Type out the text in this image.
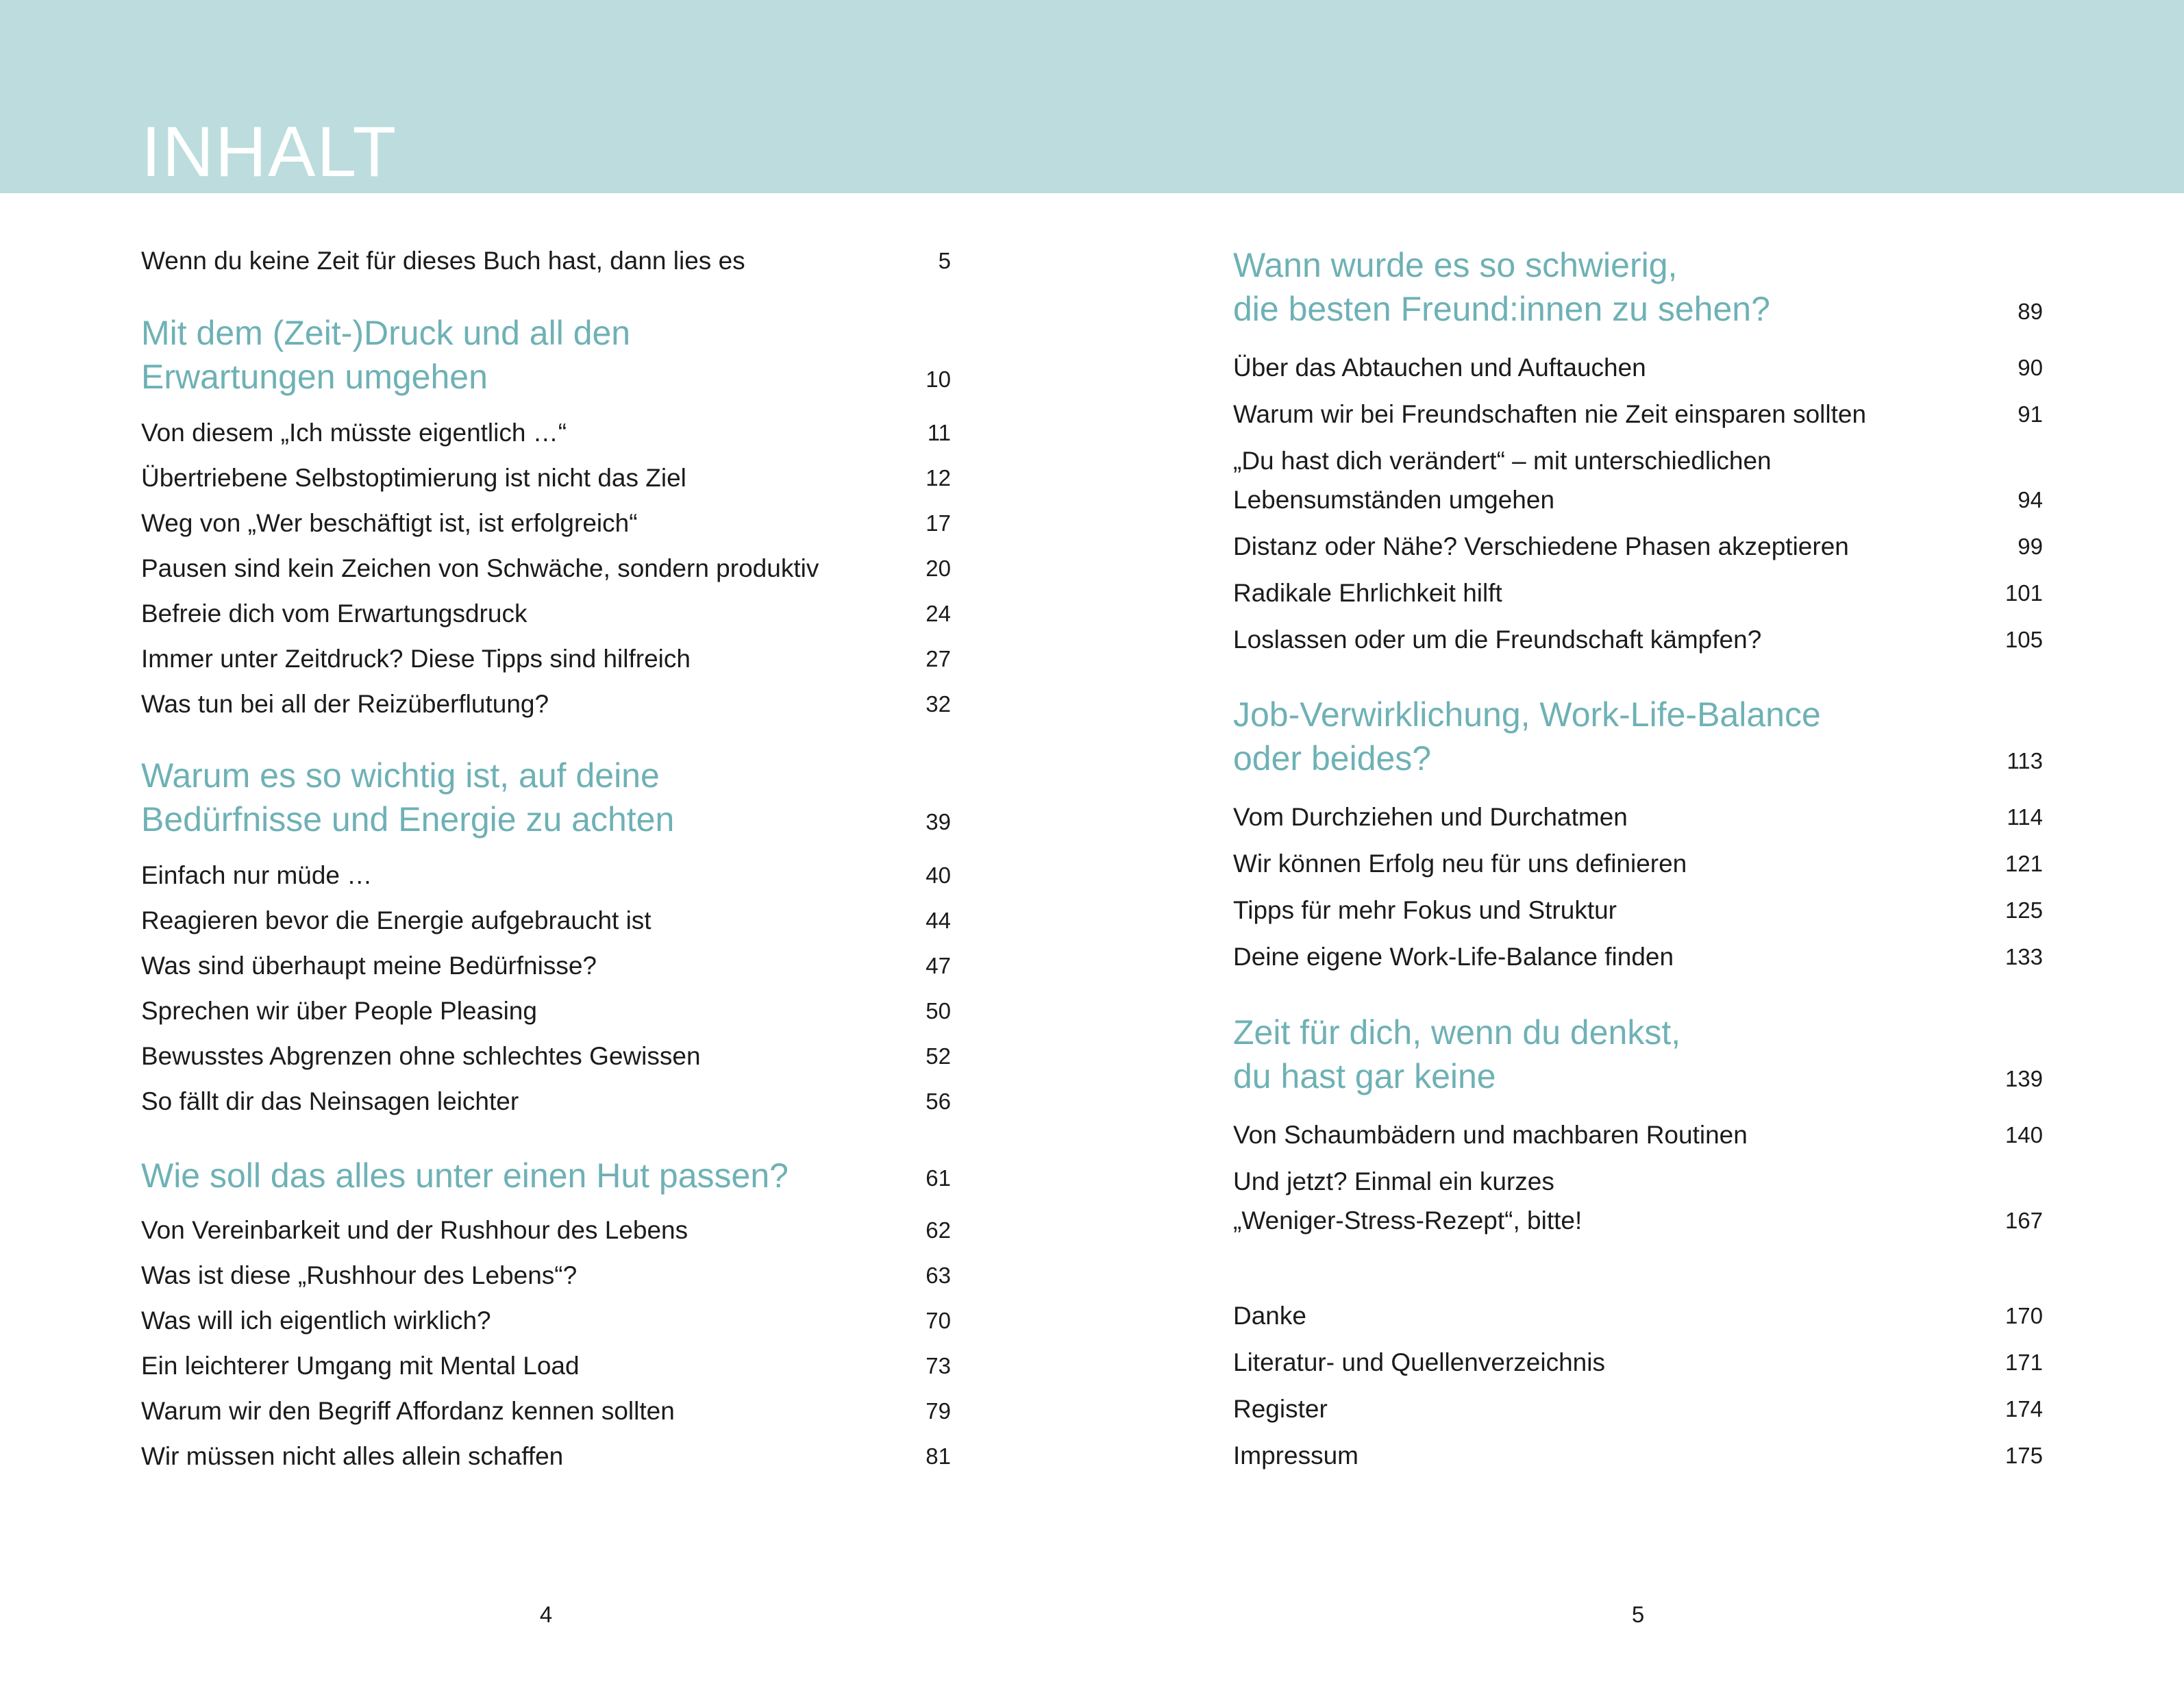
INHALT
Wenn du keine Zeit für dieses Buch hast, dann lies es	5
Mit dem (Zeit-)Druck und all den
Erwartungen umgehen	10
Von diesem „Ich müsste eigentlich …“	11
Übertriebene Selbstoptimierung ist nicht das Ziel	12
Weg von „Wer beschäftigt ist, ist erfolgreich“	17
Pausen sind kein Zeichen von Schwäche, sondern produktiv	20
Befreie dich vom Erwartungsdruck	24
Immer unter Zeitdruck? Diese Tipps sind hilfreich	27
Was tun bei all der Reizüberflutung?	32
Warum es so wichtig ist, auf deine
Bedürfnisse und Energie zu achten	39
Einfach nur müde …	40
Reagieren bevor die Energie aufgebraucht ist	44
Was sind überhaupt meine Bedürfnisse?	47
Sprechen wir über People Pleasing	50
Bewusstes Abgrenzen ohne schlechtes Gewissen	52
So fällt dir das Neinsagen leichter	56
Wie soll das alles unter einen Hut passen?	61
Von Vereinbarkeit und der Rushhour des Lebens	62
Was ist diese „Rushhour des Lebens“?	63
Was will ich eigentlich wirklich?	70
Ein leichterer Umgang mit Mental Load	73
Warum wir den Begriff Affordanz kennen sollten	79
Wir müssen nicht alles allein schaffen	81
Wann wurde es so schwierig,
die besten Freund:innen zu sehen?	89
Über das Abtauchen und Auftauchen	90
Warum wir bei Freundschaften nie Zeit einsparen sollten	91
„Du hast dich verändert“ – mit unterschiedlichen
Lebensumständen umgehen	94
Distanz oder Nähe? Verschiedene Phasen akzeptieren	99
Radikale Ehrlichkeit hilft	101
Loslassen oder um die Freundschaft kämpfen?	105
Job-Verwirklichung, Work-Life-Balance
oder beides?	113
Vom Durchziehen und Durchatmen	114
Wir können Erfolg neu für uns definieren	121
Tipps für mehr Fokus und Struktur	125
Deine eigene Work-Life-Balance finden	133
Zeit für dich, wenn du denkst,
du hast gar keine	139
Von Schaumbädern und machbaren Routinen	140
Und jetzt? Einmal ein kurzes
„Weniger-Stress-Rezept“, bitte!	167
Danke	170
Literatur- und Quellenverzeichnis	171
Register	174
Impressum	175
4	5
